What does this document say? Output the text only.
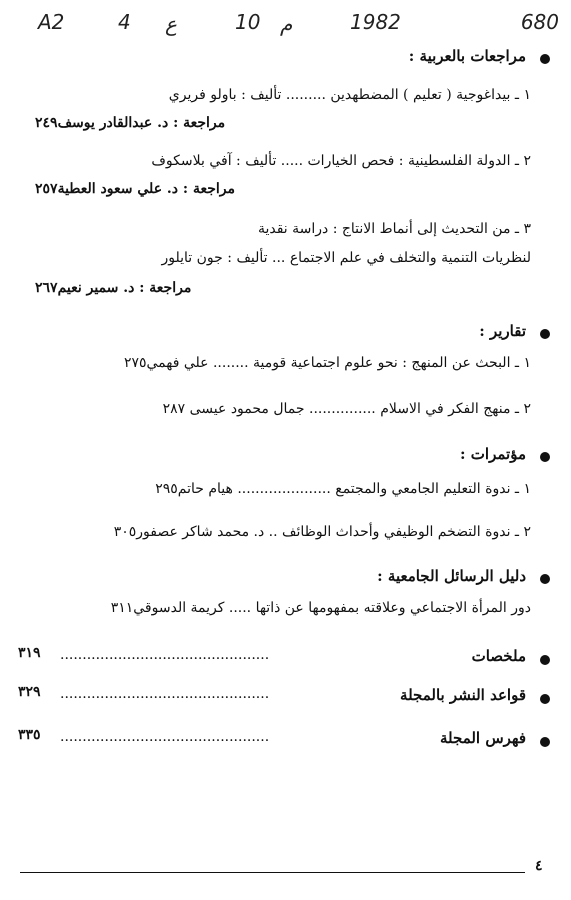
680
1982
م
10
ع
4
A2
مراجعات بالعربية :
١ ـ بيداغوجية ( تعليم ) المضطهدين ......... تأليف : باولو فريري
مراجعة : د. عبدالقادر يوسف٢٤٩
٢ ـ الدولة الفلسطينية : فحص الخيارات ..... تأليف : آفي بلاسكوف
مراجعة : د. علي سعود العطية٢٥٧
٣ ـ من التحديث إلى أنماط الانتاج : دراسة نقدية
لنظريات التنمية والتخلف في علم الاجتماع ... تأليف : جون تايلور
مراجعة : د. سمير نعيم٢٦٧
تقارير :
١ ـ البحث عن المنهج : نحو علوم اجتماعية قومية ........ علي فهمي٢٧٥
٢ ـ منهج الفكر في الاسلام ............... جمال محمود عيسى ٢٨٧
مؤتمرات :
١ ـ ندوة التعليم الجامعي والمجتمع ..................... هيام حاتم٢٩٥
٢ ـ ندوة التضخم الوظيفي وأحداث الوظائف .. د. محمد شاكر عصفور٣٠٥
دليل الرسائل الجامعية :
دور المرأة الاجتماعي وعلاقته بمفهومها عن ذاتها ..... كريمة الدسوقي٣١١
ملخصات
...............................................
٣١٩
قواعد النشر بالمجلة
...............................................
٣٢٩
فهرس المجلة
...............................................
٣٣٥
٤
